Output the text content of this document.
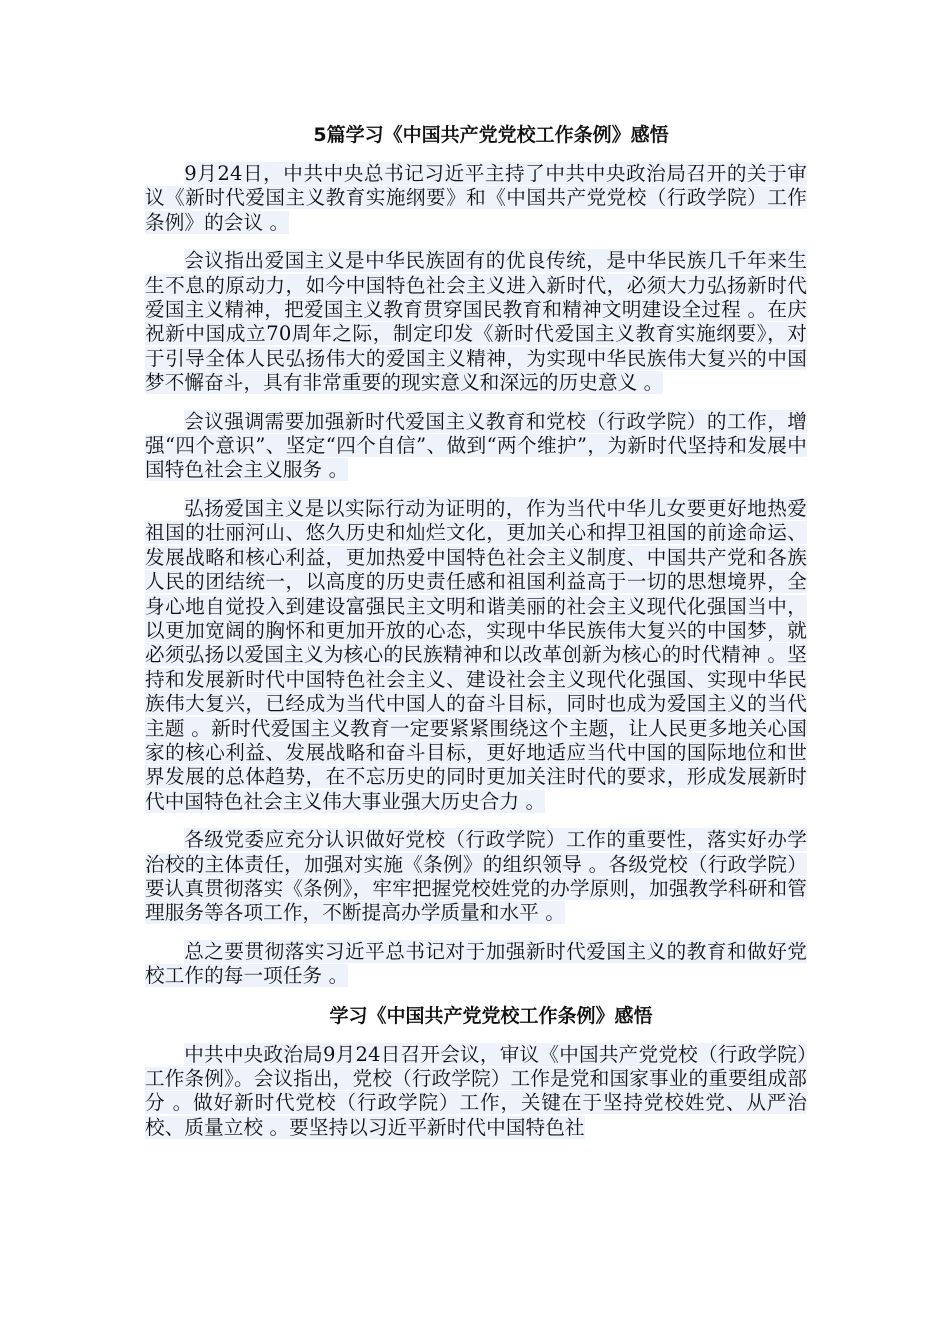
5篇学习《中国共产党党校工作条例》感悟

9月24日，中共中央总书记习近平主持了中共中央政治局召开的关于审议《新时代爱国主义教育实施纲要》和《中国共产党党校（行政学院）工作条例》的会议 。

会议指出爱国主义是中华民族固有的优良传统，是中华民族几千年来生生不息的原动力，如今中国特色社会主义进入新时代，必须大力弘扬新时代爱国主义精神，把爱国主义教育贯穿国民教育和精神文明建设全过程 。在庆祝新中国成立70周年之际，制定印发《新时代爱国主义教育实施纲要》，对于引导全体人民弘扬伟大的爱国主义精神，为实现中华民族伟大复兴的中国梦不懈奋斗，具有非常重要的现实意义和深远的历史意义 。

会议强调需要加强新时代爱国主义教育和党校（行政学院）的工作，增强“四个意识”、坚定“四个自信”、做到“两个维护”，为新时代坚持和发展中国特色社会主义服务 。

弘扬爱国主义是以实际行动为证明的，作为当代中华儿女要更好地热爱祖国的壮丽河山、悠久历史和灿烂文化，更加关心和捍卫祖国的前途命运、发展战略和核心利益，更加热爱中国特色社会主义制度、中国共产党和各族人民的团结统一，以高度的历史责任感和祖国利益高于一切的思想境界，全身心地自觉投入到建设富强民主文明和谐美丽的社会主义现代化强国当中，以更加宽阔的胸怀和更加开放的心态，实现中华民族伟大复兴的中国梦，就必须弘扬以爱国主义为核心的民族精神和以改革创新为核心的时代精神 。坚持和发展新时代中国特色社会主义、建设社会主义现代化强国、实现中华民族伟大复兴，已经成为当代中国人的奋斗目标，同时也成为爱国主义的当代主题 。新时代爱国主义教育一定要紧紧围绕这个主题，让人民更多地关心国家的核心利益、发展战略和奋斗目标，更好地适应当代中国的国际地位和世界发展的总体趋势，在不忘历史的同时更加关注时代的要求，形成发展新时代中国特色社会主义伟大事业强大历史合力 。

各级党委应充分认识做好党校（行政学院）工作的重要性，落实好办学治校的主体责任，加强对实施《条例》的组织领导 。各级党校（行政学院）要认真贯彻落实《条例》，牢牢把握党校姓党的办学原则，加强教学科研和管理服务等各项工作，不断提高办学质量和水平 。

总之要贯彻落实习近平总书记对于加强新时代爱国主义的教育和做好党校工作的每一项任务 。

学习《中国共产党党校工作条例》感悟

中共中央政治局9月24日召开会议，审议《中国共产党党校（行政学院）工作条例》。会议指出，党校（行政学院）工作是党和国家事业的重要组成部分 。做好新时代党校（行政学院）工作，关键在于坚持党校姓党、从严治校、质量立校 。要坚持以习近平新时代中国特色社
